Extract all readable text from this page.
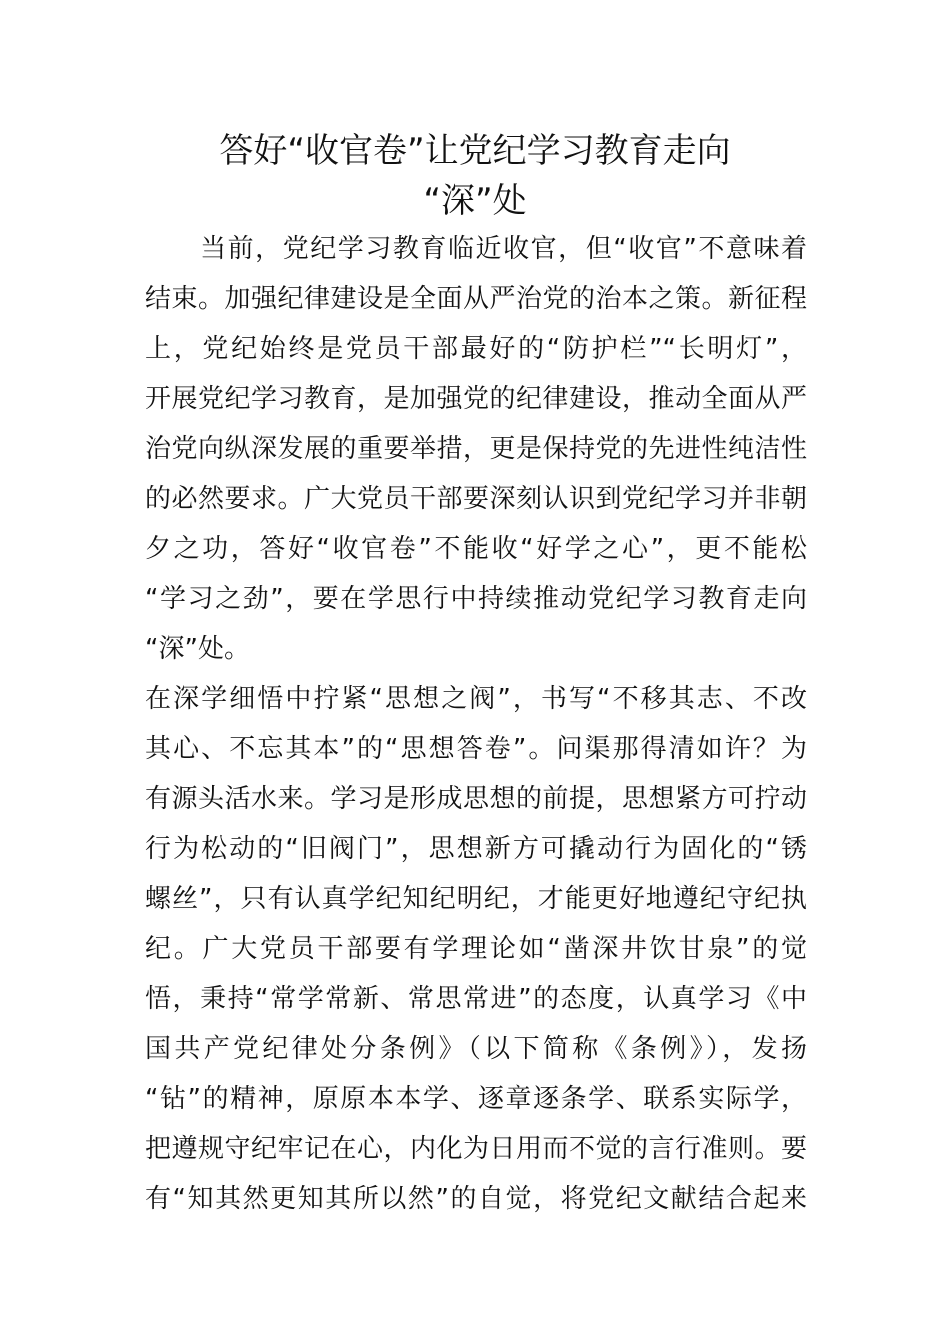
答好“收官卷”让党纪学习教育走向
“深”处

　　当前，党纪学习教育临近收官，但“收官”不意味着

结束。加强纪律建设是全面从严治党的治本之策。新征程

上，党纪始终是党员干部最好的“防护栏”“长明灯”，

开展党纪学习教育，是加强党的纪律建设，推动全面从严

治党向纵深发展的重要举措，更是保持党的先进性纯洁性

的必然要求。广大党员干部要深刻认识到党纪学习并非朝

夕之功，答好“收官卷”不能收“好学之心”，更不能松

“学习之劲”，要在学思行中持续推动党纪学习教育走向

“深”处。

在深学细悟中拧紧“思想之阀”，书写“不移其志、不改

其心、不忘其本”的“思想答卷”。问渠那得清如许？为

有源头活水来。学习是形成思想的前提，思想紧方可拧动

行为松动的“旧阀门”，思想新方可撬动行为固化的“锈

螺丝”，只有认真学纪知纪明纪，才能更好地遵纪守纪执

纪。广大党员干部要有学理论如“凿深井饮甘泉”的觉

悟，秉持“常学常新、常思常进”的态度，认真学习《中

国共产党纪律处分条例》（以下简称《条例》），发扬

“钻”的精神，原原本本学、逐章逐条学、联系实际学，

把遵规守纪牢记在心，内化为日用而不觉的言行准则。要

有“知其然更知其所以然”的自觉，将党纪文献结合起来
